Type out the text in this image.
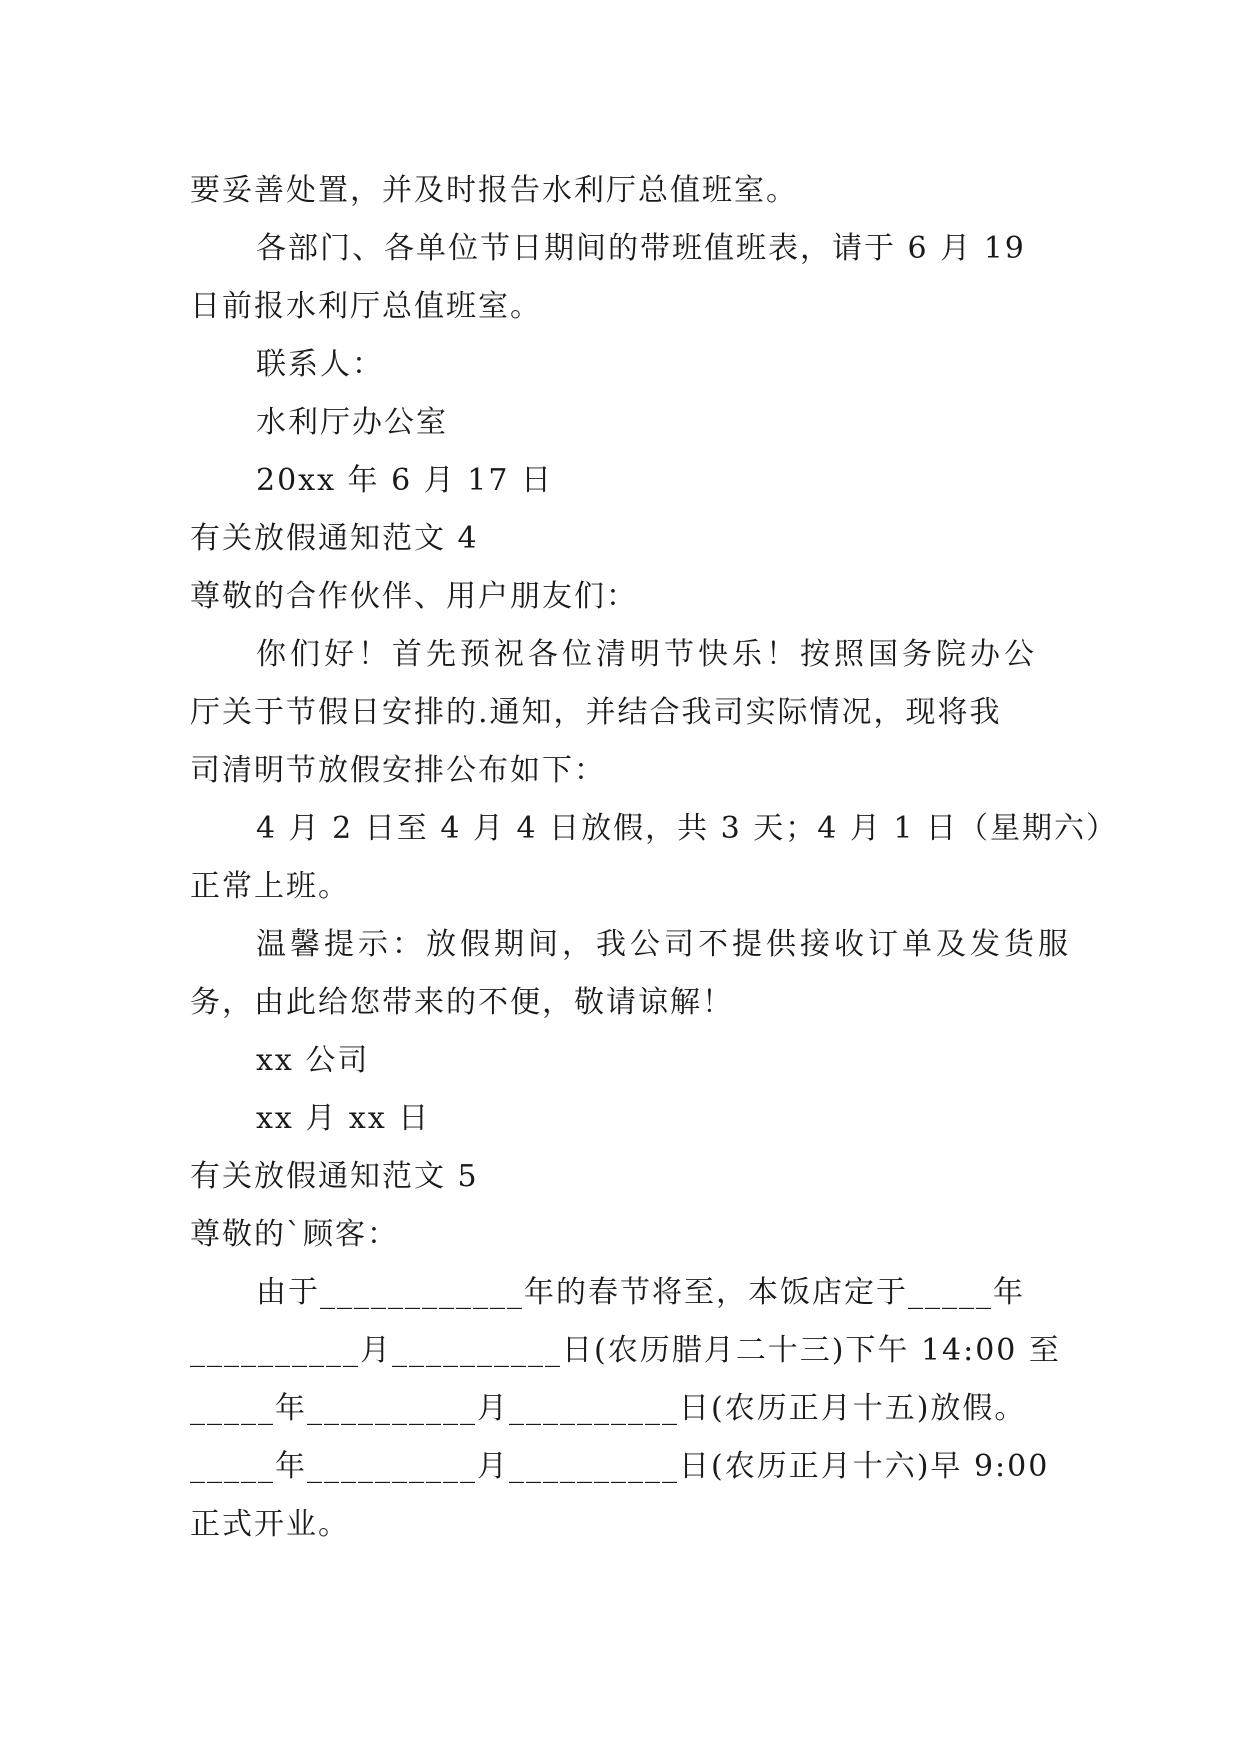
要妥善处置，并及时报告水利厅总值班室。
各部门、各单位节日期间的带班值班表，请于 6 月 19
日前报水利厅总值班室。
联系人：
水利厅办公室
20xx 年 6 月 17 日
有关放假通知范文 4
尊敬的合作伙伴、用户朋友们：
你们好！首先预祝各位清明节快乐！按照国务院办公
厅关于节假日安排的.通知，并结合我司实际情况，现将我
司清明节放假安排公布如下：
4 月 2 日至 4 月 4 日放假，共 3 天；4 月 1 日（星期六）
正常上班。
温馨提示：放假期间，我公司不提供接收订单及发货服
务，由此给您带来的不便，敬请谅解！
xx 公司
xx 月 xx 日
有关放假通知范文 5
尊敬的`顾客：
由于____________年的春节将至，本饭店定于_____年
__________月__________日(农历腊月二十三)下午 14:00 至
_____年__________月__________日(农历正月十五)放假。
_____年__________月__________日(农历正月十六)早 9:00
正式开业。
